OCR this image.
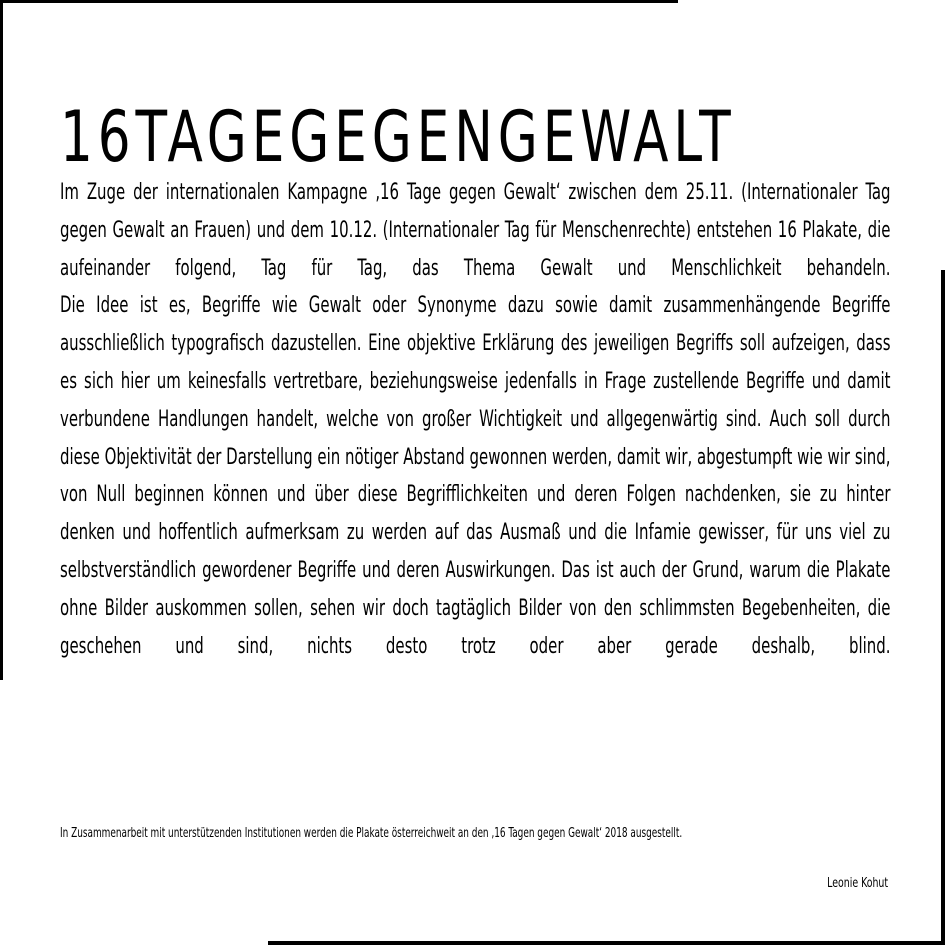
16TAGEGEGENGEWALT

Im Zuge der internationalen Kampagne ‚16 Tage gegen Gewalt‘ zwischen dem 25.11. (Internationaler Tag gegen Gewalt an Frauen) und dem 10.12. (Internationaler Tag für Menschenrechte) entstehen 16 Plakate, die aufeinander folgend, Tag für Tag, das Thema Gewalt und Menschlichkeit behandeln.

Die Idee ist es, Begriffe wie Gewalt oder Synonyme dazu sowie damit zusammenhängende Begriffe ausschließlich typografisch dazustellen. Eine objektive Erklärung des jeweiligen Begriffs soll aufzeigen, dass es sich hier um keinesfalls vertretbare, beziehungsweise jedenfalls in Frage zustellende Begriffe und damit verbundene Handlungen handelt, welche von großer Wichtigkeit und allgegenwärtig sind. Auch soll durch diese Objektivität der Darstellung ein nötiger Abstand gewonnen werden, damit wir, abgestumpft wie wir sind, von Null beginnen können und über diese Begrifflichkeiten und deren Folgen nachdenken, sie zu hinter denken und hoffentlich aufmerksam zu werden auf das Ausmaß und die Infamie gewisser, für uns viel zu selbstverständlich gewordener Begriffe und deren Auswirkungen. Das ist auch der Grund, warum die Plakate ohne Bilder auskommen sollen, sehen wir doch tagtäglich Bilder von den schlimmsten Begebenheiten, die geschehen und sind, nichts desto trotz oder aber gerade deshalb, blind.

In Zusammenarbeit mit unterstützenden Institutionen werden die Plakate österreichweit an den ‚16 Tagen gegen Gewalt‘ 2018 ausgestellt.
Leonie Kohut
